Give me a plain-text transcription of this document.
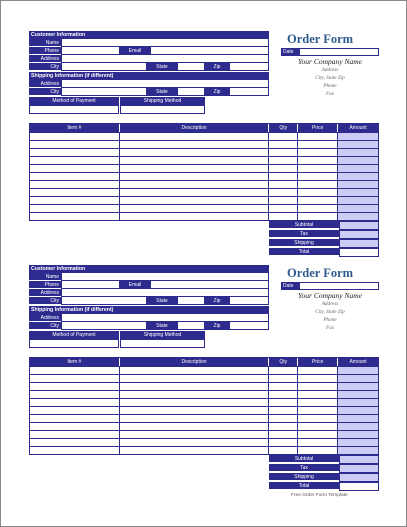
Customer Information
Name
Phone	Email
Address
City	State	Zip
Shipping Information (if different)
Address
City	State	Zip
Method of Payment	Shipping Method
Order Form
Date
Your Company Name
Address
City, State Zip
Phone
Fax
Item #	Description	Qty	Price	Amount
Subtotal
Tax
Shipping
Total
Customer Information
Name
Phone	Email
Address
City	State	Zip
Shipping Information (if different)
Address
City	State	Zip
Method of Payment	Shipping Method
Order Form
Date
Your Company Name
Address
City, State Zip
Phone
Fax
Item #	Description	Qty	Price	Amount
Subtotal
Tax
Shipping
Total
Free Order Form Template
